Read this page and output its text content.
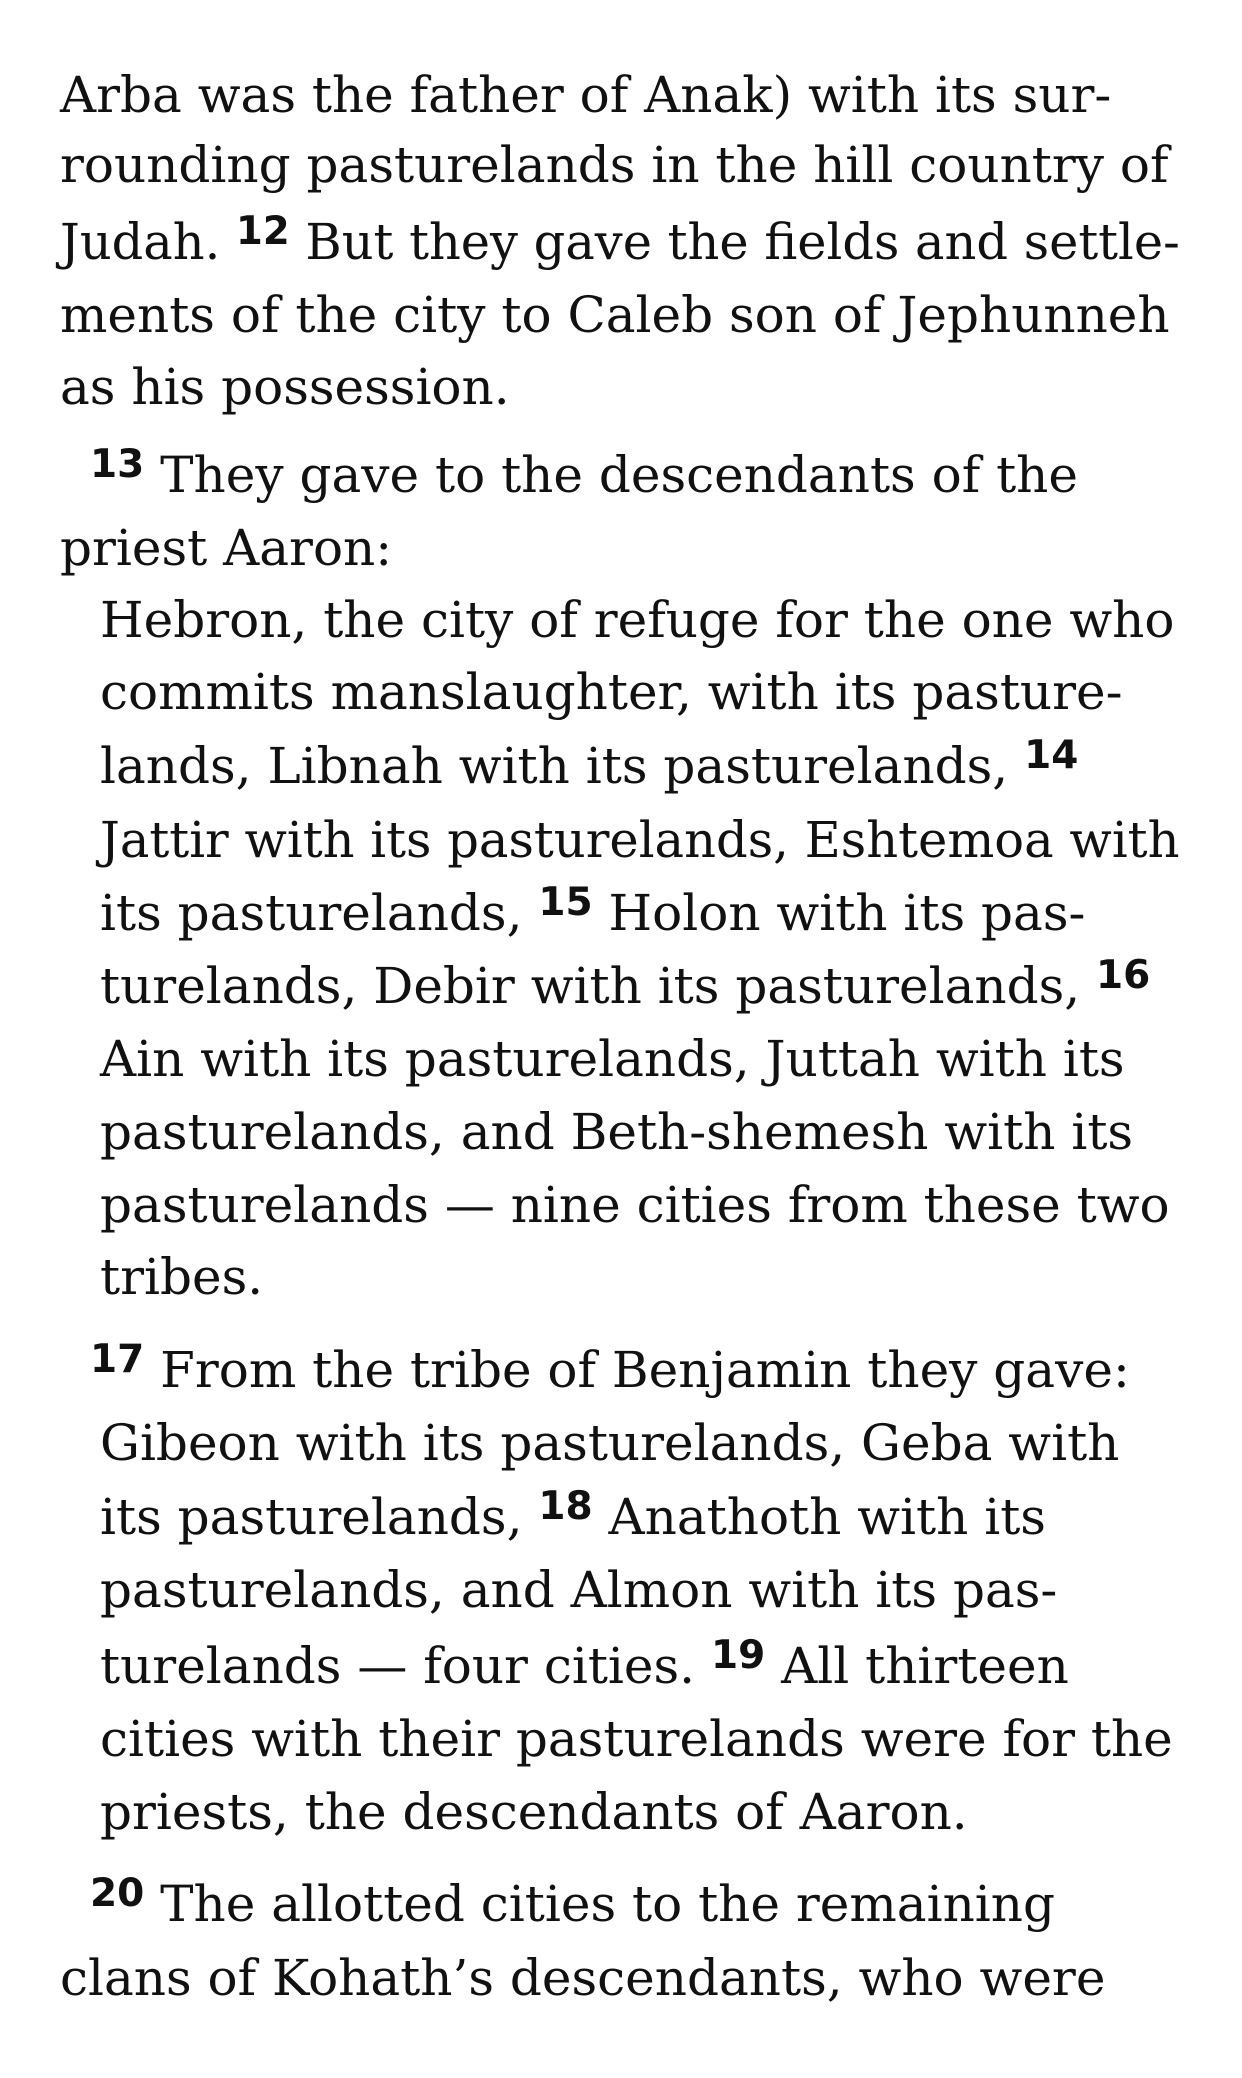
Arba was the father of Anak) with its sur-
rounding pasturelands in the hill country of
Judah. $^{12}$ But they gave the fields and settle-
ments of the city to Caleb son of Jephunneh
as his possession.
$^{13}$ They gave to the descendants of the
priest Aaron:
Hebron, the city of refuge for the one who
commits manslaughter, with its pasture-
lands, Libnah with its pasturelands, $^{14}$
Jattir with its pasturelands, Eshtemoa with
its pasturelands, $^{15}$ Holon with its pas-
turelands, Debir with its pasturelands, $^{16}$
Ain with its pasturelands, Juttah with its
pasturelands, and Beth-shemesh with its
pasturelands — nine cities from these two
tribes.
$^{17}$ From the tribe of Benjamin they gave:
Gibeon with its pasturelands, Geba with
its pasturelands, $^{18}$ Anathoth with its
pasturelands, and Almon with its pas-
turelands — four cities. $^{19}$ All thirteen
cities with their pasturelands were for the
priests, the descendants of Aaron.
$^{20}$ The allotted cities to the remaining
clans of Kohath’s descendants, who were
